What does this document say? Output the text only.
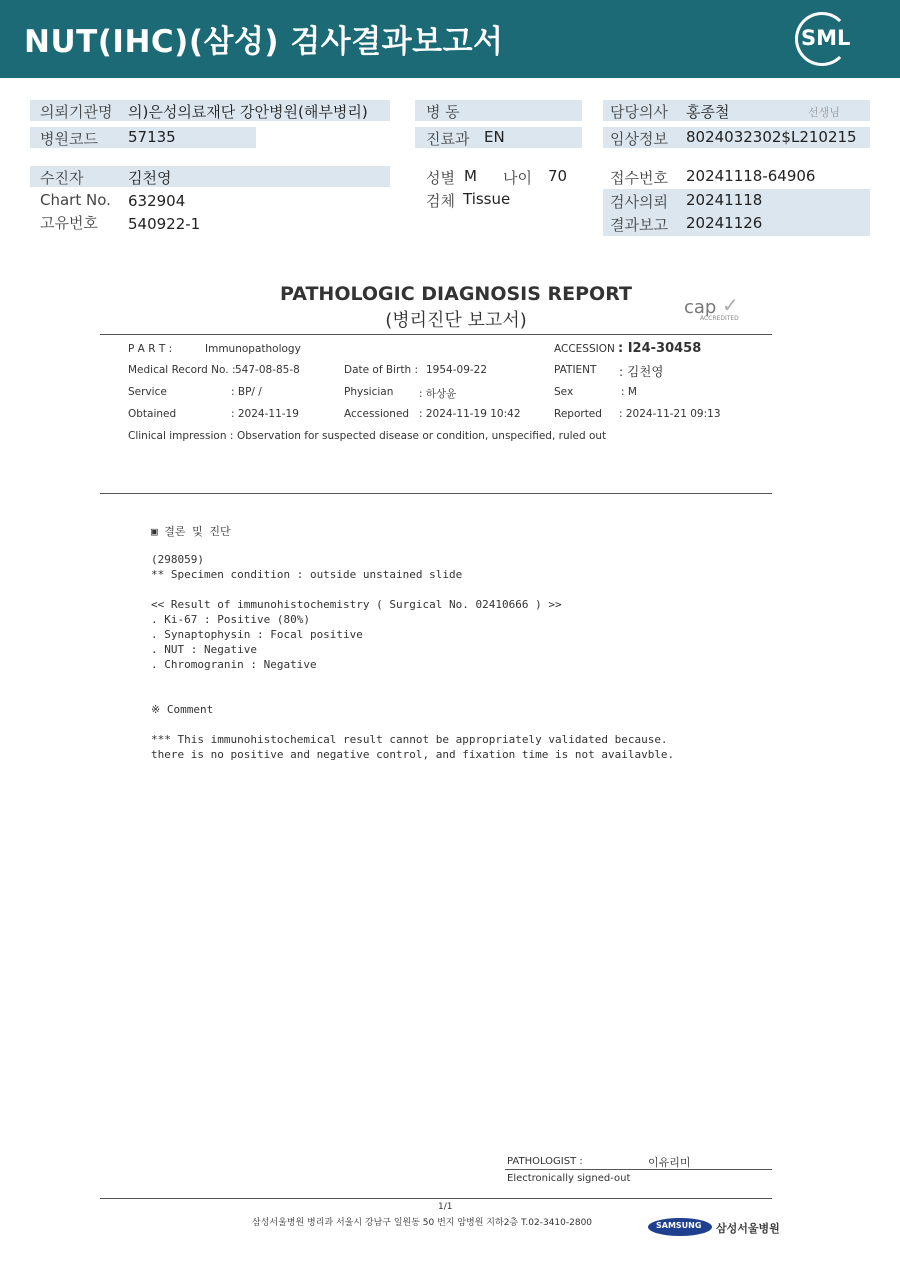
NUT(IHC)(삼성) 검사결과보고서	SML
의뢰기관명 의)은성의료재단 강안병원(해부병리)
병원코드 57135
병 동
진료과 EN
담당의사 홍종철	선생님
임상정보 8024032302$L210215
수진자	김천영
Chart No. 632904
고유번호 540922-1
성별 M 나이 70
검체 Tissue
접수번호 20241118-64906
검사의뢰 20241118
결과보고 20241126
PATHOLOGIC DIAGNOSIS REPORT
(병리진단 보고서)
cap
ACCREDITED
✓
P A R T :	Immunopathology	ACCESSION : I24-30458
Medical Record No. : 547-08-85-8	Date of Birth : 1954-09-22	PATIENT : 김천영
Service	: BP/ /	Physician : 하상윤	Sex	: M
Obtained	: 2024-11-19	Accessioned : 2024-11-19 10:42	Reported : 2024-11-21 09:13
Clinical impression : Observation for suspected disease or condition, unspecified, ruled out
▣ 결론 및 진단
(298059)
** Specimen condition : outside unstained slide
<< Result of immunohistochemistry ( Surgical No. 02410666 ) >>
. Ki-67 : Positive (80%)
. Synaptophysin : Focal positive
. NUT : Negative
. Chromogranin : Negative
※ Comment
*** This immunohistochemical result cannot be appropriately validated because.
there is no positive and negative control, and fixation time is not availavble.
PATHOLOGIST :	이유리미
Electronically signed-out
1/1
삼성서울병원 병리과 서울시 강남구 일원동 50 번지 암병원 지하2층 T.02-3410-2800	SAMSUNG 삼성서울병원
